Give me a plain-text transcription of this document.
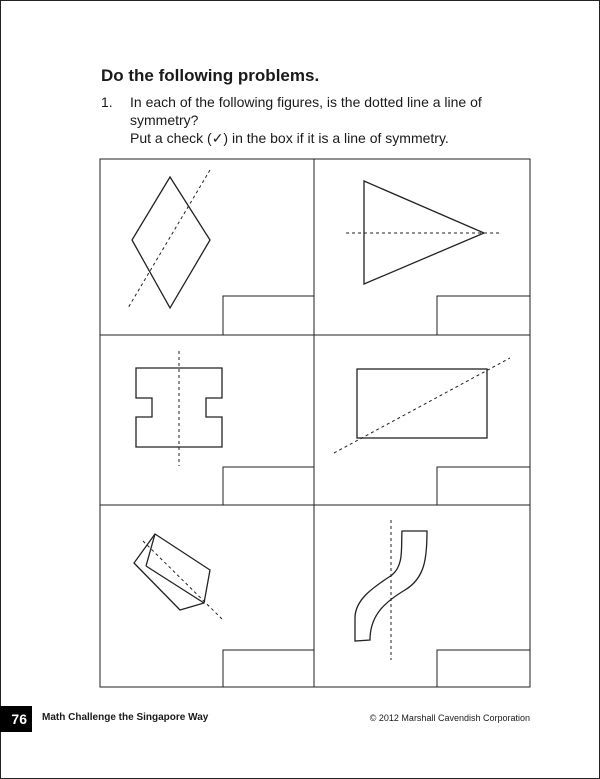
Do the following problems.
1. In each of the following figures, is the dotted line a line of symmetry?

Put a check (✓) in the box if it is a line of symmetry.

76 Math Challenge the Singapore Way	© 2012 Marshall Cavendish Corporation
